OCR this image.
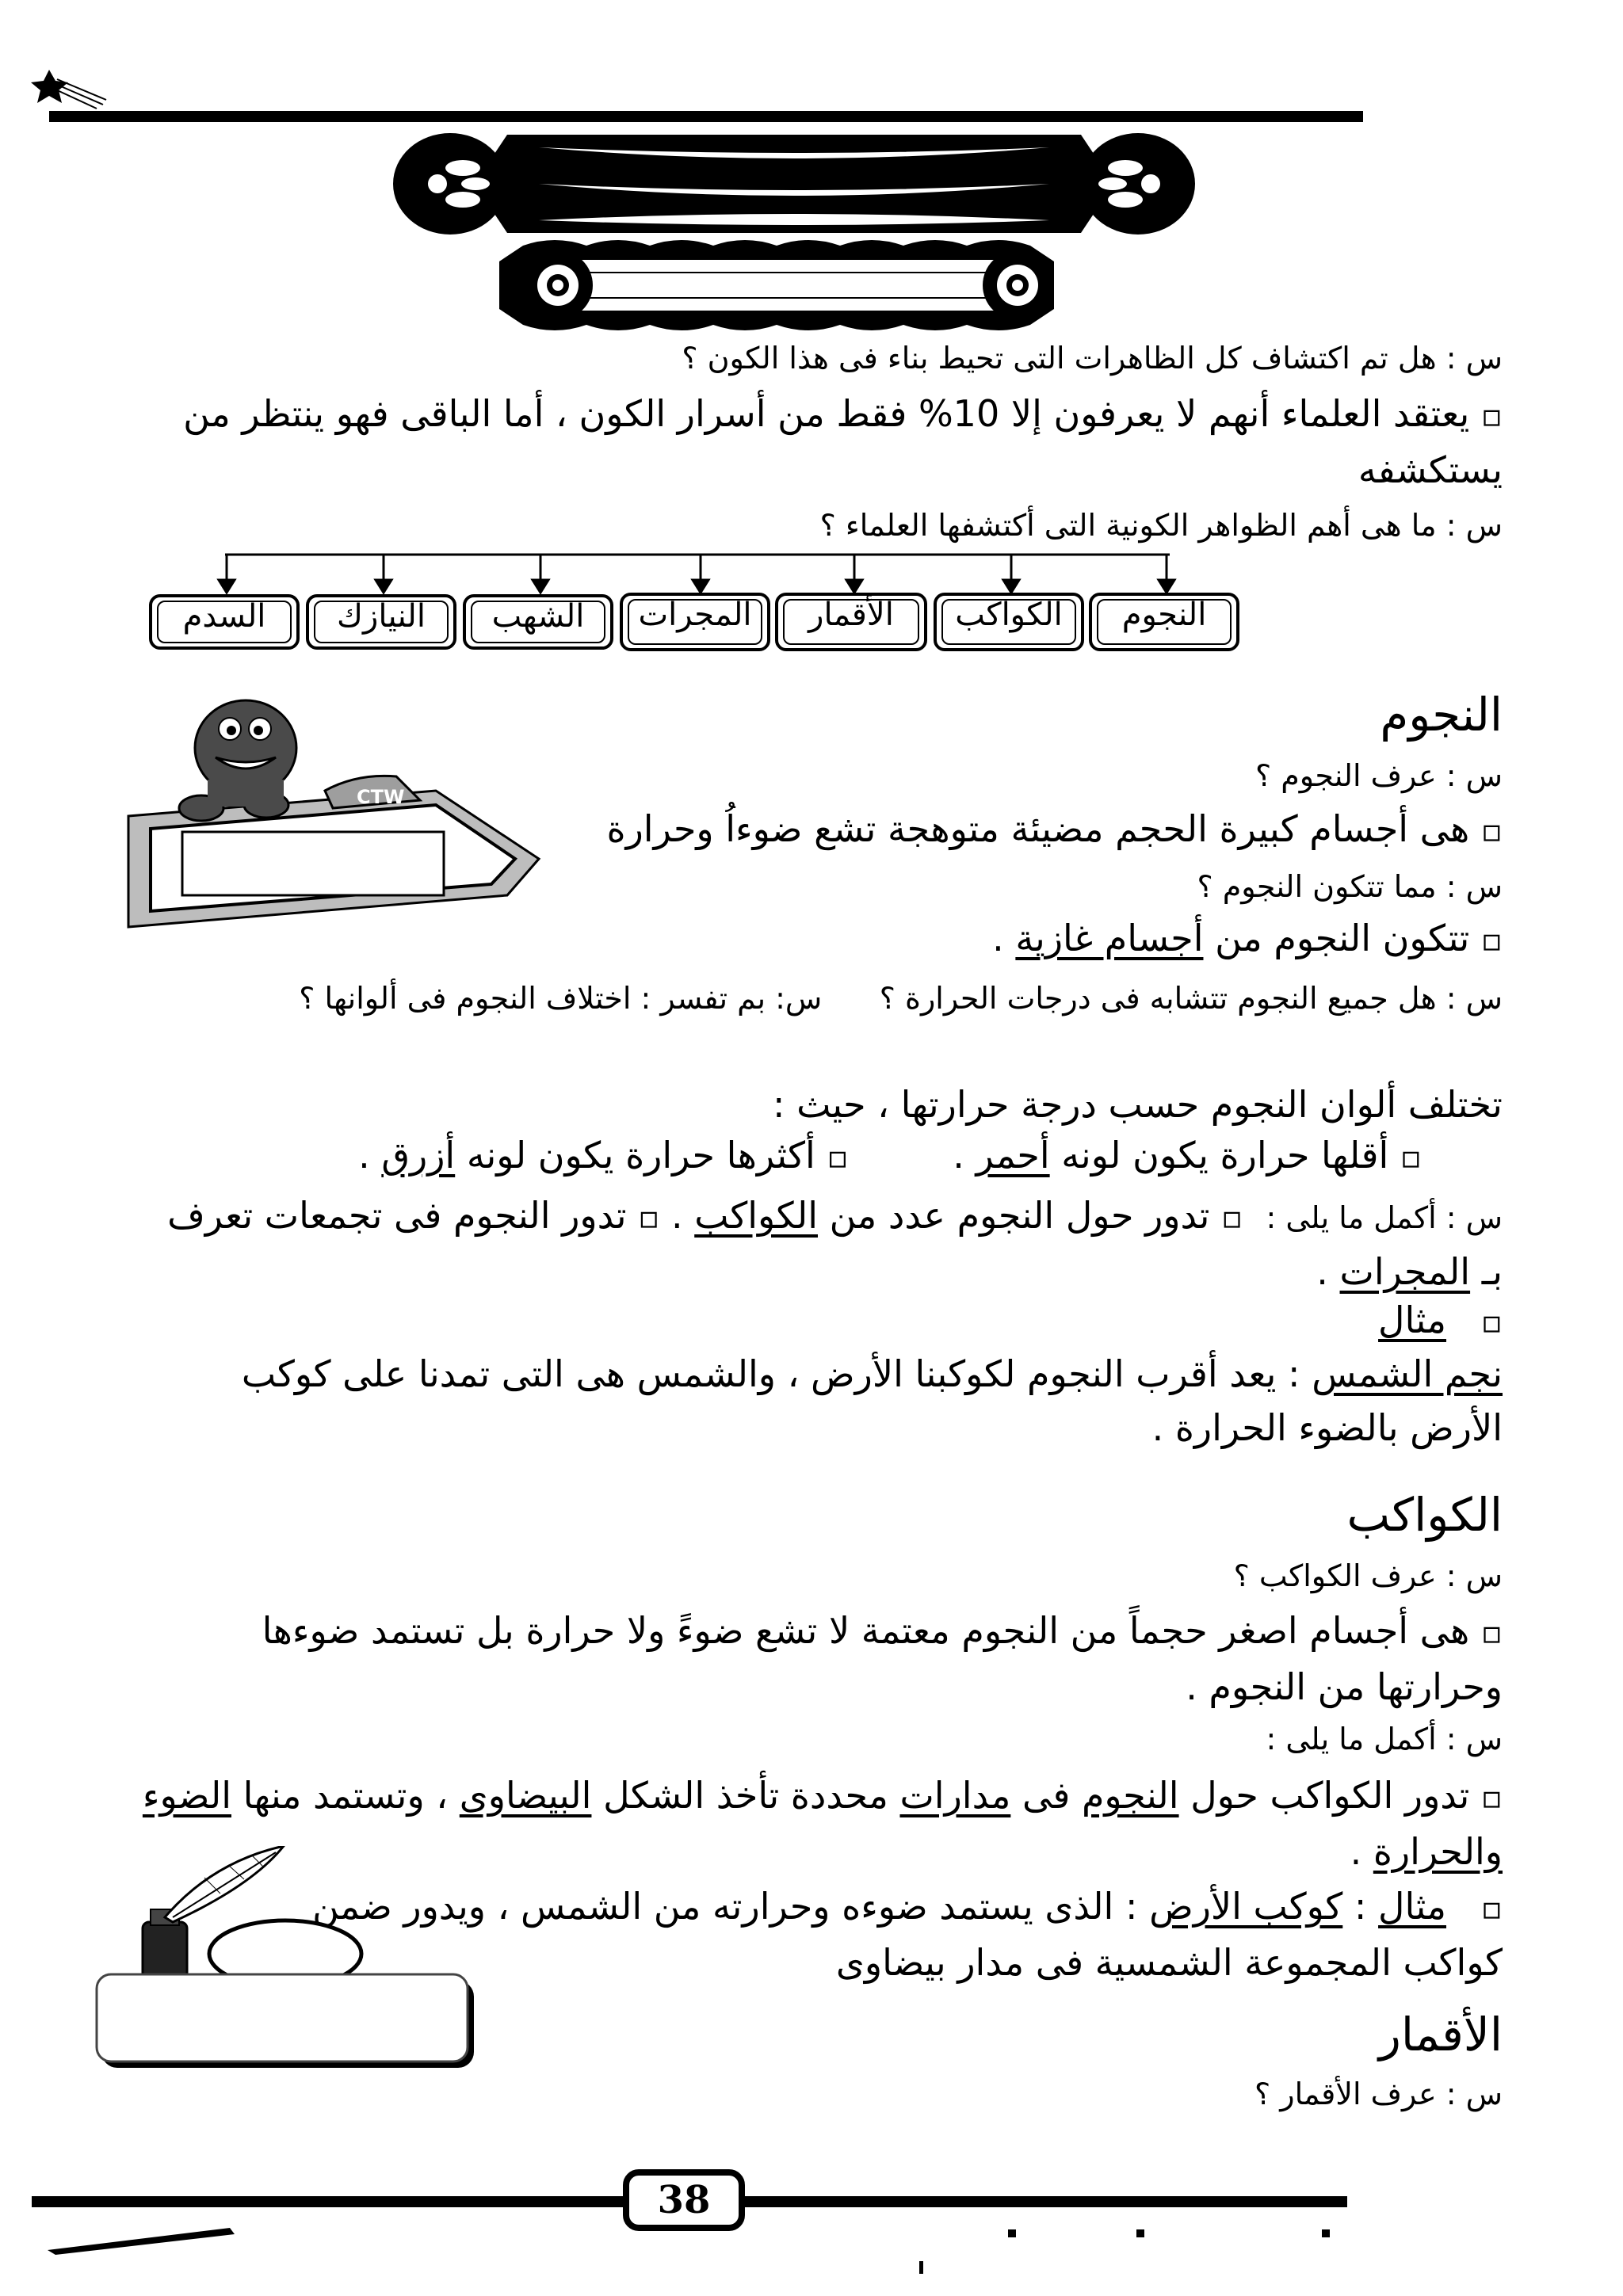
س : هل تم اكتشاف كل الظاهرات التى تحيط بناء فى هذا الكون ؟
▫ يعتقد العلماء أنهم لا يعرفون إلا 10% فقط من أسرار الكون ، أما الباقى فهو ينتظر من يستكشفه
س : ما هى أهم الظواهر الكونية التى أكتشفها العلماء ؟
النجوم
الكواكب
الأقمار
المجرات
الشهب
النيازك
السدم
CTW
النجوم
س : عرف النجوم ؟
▫ هى أجسام كبيرة الحجم مضيئة متوهجة تشع ضوءاُ وحرارة
س : مما تتكون النجوم ؟
▫ تتكون النجوم من أجسام غازية .
س : هل جميع النجوم تتشابه فى درجات الحرارة ؟      س: بم تفسر : اختلاف النجوم فى ألوانها ؟
تختلف ألوان النجوم حسب درجة حرارتها ، حيث :
▫ أقلها حرارة يكون لونه أحمر .         ▫ أكثرها حرارة يكون لونه أزرق .
س : أكمل ما يلى :  ▫ تدور حول النجوم عدد من الكواكب . ▫ تدور النجوم فى تجمعات تعرف بـ المجرات .
▫   مثال
نجم الشمس : يعد أقرب النجوم لكوكبنا الأرض ، والشمس هى التى تمدنا على كوكب الأرض بالضوء الحرارة .
الكواكب
س : عرف الكواكب ؟
▫ هى أجسام اصغر حجماً من النجوم معتمة لا تشع ضوءً ولا حرارة بل تستمد ضوءها وحرارتها من النجوم .
س : أكمل ما يلى :
▫ تدور الكواكب حول النجوم فى مدارات محددة تأخذ الشكل البيضاوى ، وتستمد منها الضوء والحرارة .
▫   مثال : كوكب الأرض : الذى يستمد ضوءه وحرارته من الشمس ، ويدور ضمن كواكب المجموعة الشمسية فى مدار بيضاوى
الأقمار
س : عرف الأقمار ؟
38
